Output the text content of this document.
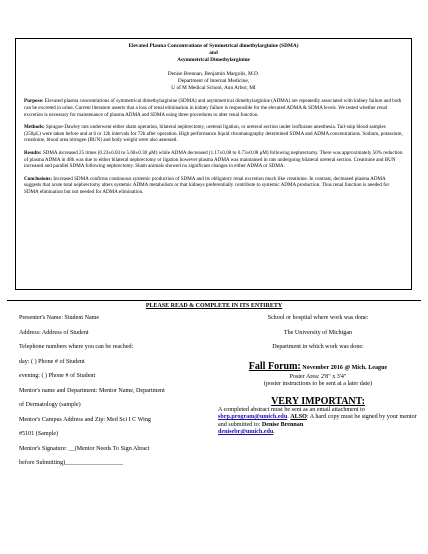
Elevated Plasma Concentrations of Symmetrical dimethylarginine (SDMA)
and
Asymmetrical Dimethylarginine
Denise Brennan, Benjamin Margolis, M.D.
Department of Internal Medicine,
U of M Medical School, Ann Arbor, MI

Purpose: Elevated plasma concentrations of symmetrical dimethylarginine (SDMA) and asymmetrical dimethylarginine (ADMA) are repeatedly associated with kidney failure and both can be excreted in urine. Current literature asserts that a loss of renal elimination in kidney failure is responsible for the elevated ADMA & SDMA levels. We tested whether renal excretion is necessary for maintenance of plasma ADMA and SDMA using three procedures to alter renal function.

Methods: Sprague-Dawley rats underwent either sham operation, bilateral nephrectomy, ureteral ligation, or ureteral section under isoflurane anesthesia. Tail-snip blood samples (250μL) were taken before and at 6 or 12h intervals for 72h after operation. High performance liquid chromatography determined SDMA and ADMA concentrations. Sodium, potassium, creatinine, blood urea nitrogen (BUN) and body weight were also assessed.

Results: SDMA increased 25 times (0.23±0.03 to 5.68±0.30 μM) while ADMA decreased (1.17±0.08 to 0.73±0.08 μM) following nephrectomy. There was approximately 50% reduction of plasma ADMA in 48h was due to either bilateral nephrectomy or ligation however plasma ADMA was maintained in rats undergoing bilateral ureteral section. Creatinine and BUN increased and parallel SDMA following nephrectomy. Sham animals showed no significant changes in either ADMA or SDMA.

Conclusions: Increased SDMA confirms continuous systemic production of SDMA and its obligatory renal excretion much like creatinine. In contrast, decreased plasma ADMA suggests that acute total nephrectomy alters systemic ADMA metabolism or that kidneys preferentially contribute to systemic ADMA production. Thus renal function is needed for SDMA elimination but not needed for ADMA elimination.

PLEASE READ & COMPLETE IN ITS ENTIRETY
Presenter's Name: Student Name
Address: Address of Student
Telephone numbers where you can be reached:
day: ( ) Phone # of Student
evening: ( ) Phone # of Student
Mentor's name and Department: Mentor Name, Department
of Dermatology (sample)
Mentor's Campus Address and Zip: Med Sci I C Wing
#5101 (Sample)
Mentor's Signature: __(Mentor Needs To Sign Abract
before Submitting)___________________
School or hospital where work was done:
The University of Michigan
Department in which work was done:
Fall Forum: November 2016 @ Mich. League
Poster Area: 2'8" x 3'4"
(poster instructions to be sent at a later date)
VERY IMPORTANT:
A completed abstract must be sent as an email attachment to sbrp.program@umich.edu. ALSO: A hard copy must be signed by your mentor and submitted to: Denise Brennan
denisebr@umich.edu.
